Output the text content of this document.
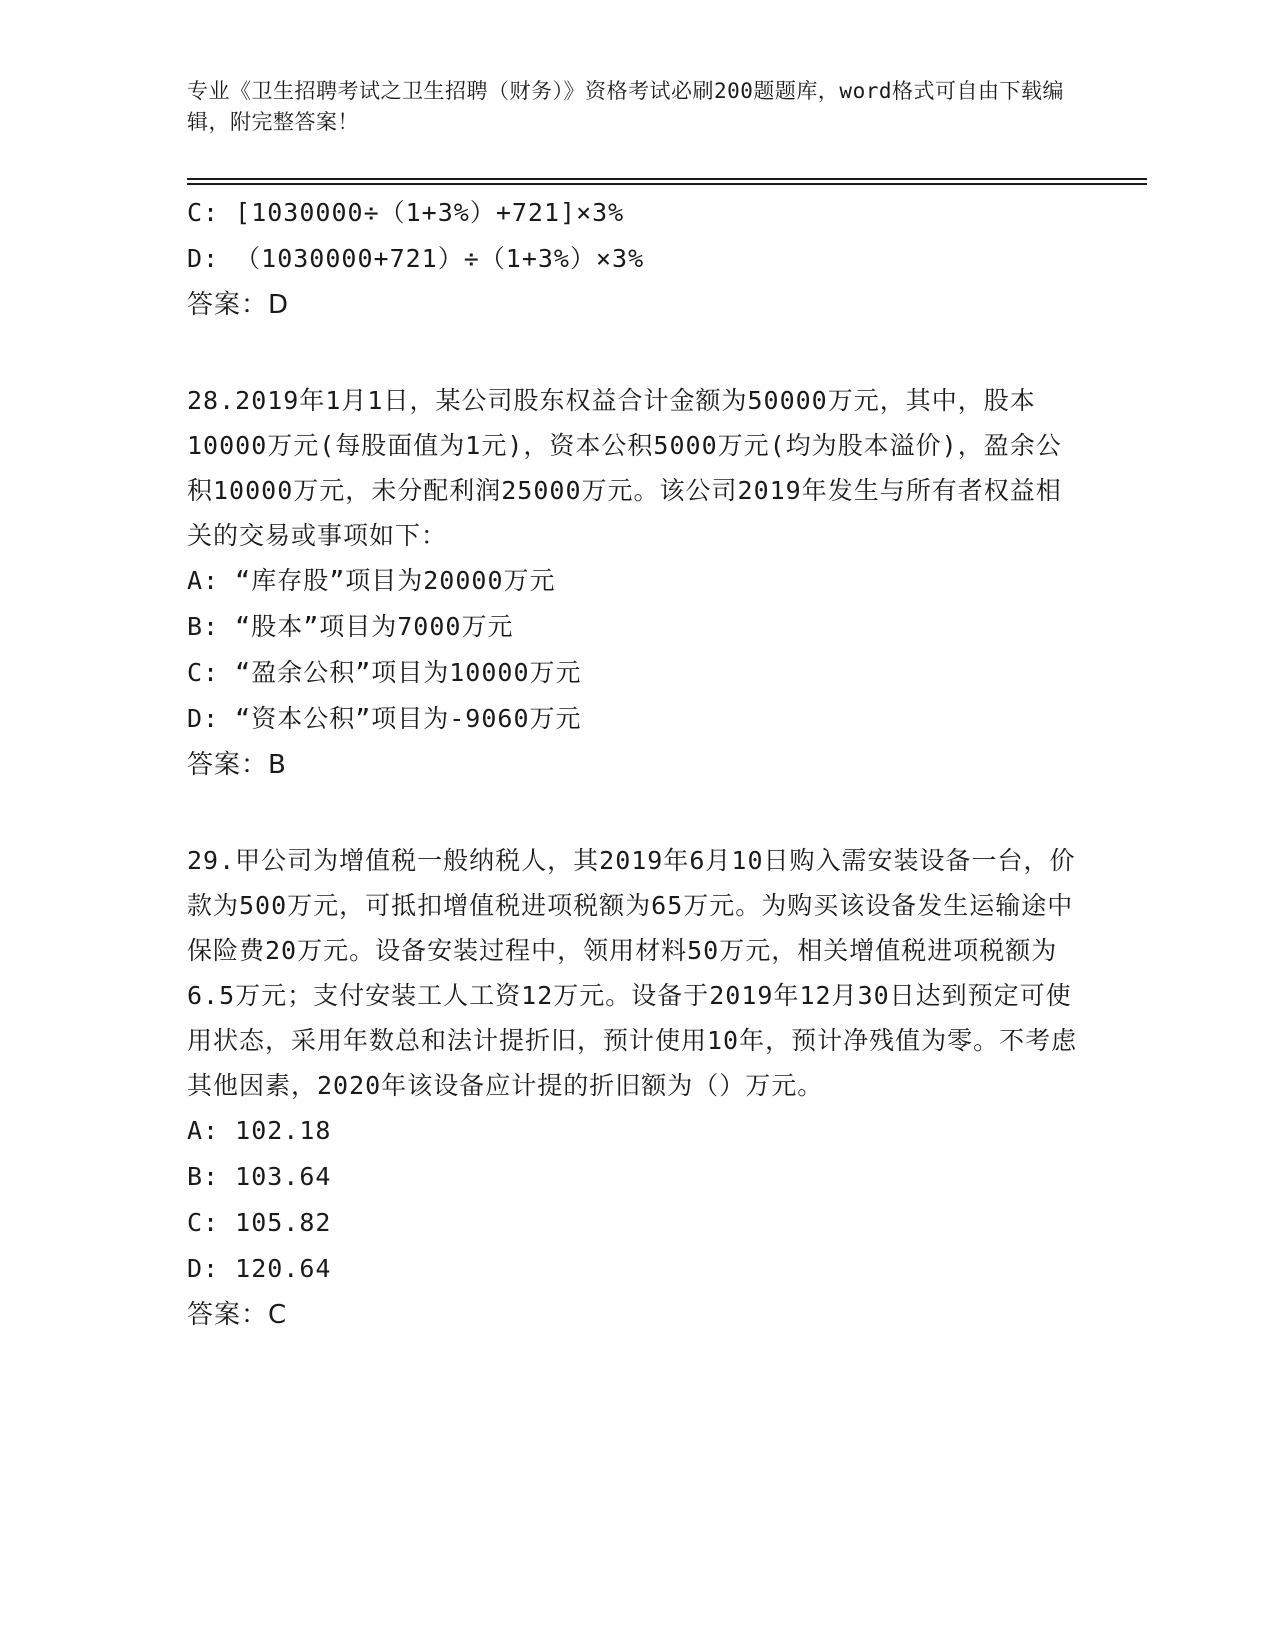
专业《卫生招聘考试之卫生招聘（财务）》资格考试必刷200题题库，word格式可自由下载编辑，附完整答案！
C: [1030000÷（1+3%）+721]×3%
D: （1030000+721）÷（1+3%）×3%
答案：D
28.2019年1月1日，某公司股东权益合计金额为50000万元，其中，股本10000万元(每股面值为1元)，资本公积5000万元(均为股本溢价)，盈余公积10000万元，未分配利润25000万元。该公司2019年发生与所有者权益相关的交易或事项如下：
A: “库存股”项目为20000万元
B: “股本”项目为7000万元
C: “盈余公积”项目为10000万元
D: “资本公积”项目为-9060万元
答案：B
29.甲公司为增值税一般纳税人，其2019年6月10日购入需安装设备一台，价款为500万元，可抵扣增值税进项税额为65万元。为购买该设备发生运输途中保险费20万元。设备安装过程中，领用材料50万元，相关增值税进项税额为6.5万元；支付安装工人工资12万元。设备于2019年12月30日达到预定可使用状态，采用年数总和法计提折旧，预计使用10年，预计净残值为零。不考虑其他因素，2020年该设备应计提的折旧额为（）万元。
A: 102.18
B: 103.64
C: 105.82
D: 120.64
答案：C
